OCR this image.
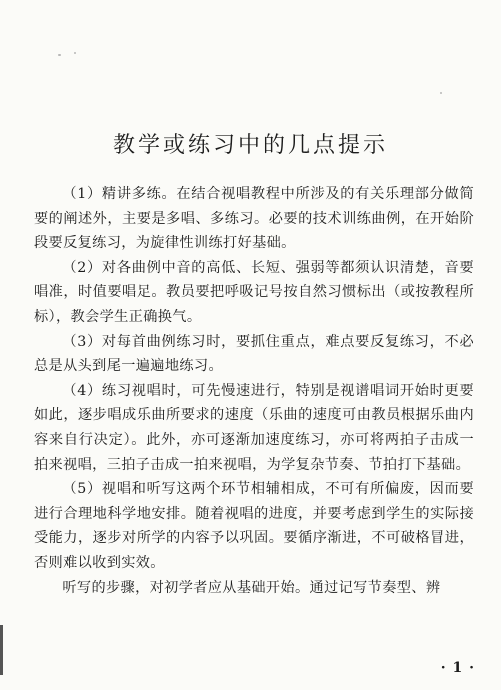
教学或练习中的几点提示

（1）精讲多练。在结合视唱教程中所涉及的有关乐理部分做简要的阐述外，主要是多唱、多练习。必要的技术训练曲例，在开始阶段要反复练习，为旋律性训练打好基础。

（2）对各曲例中音的高低、长短、强弱等都须认识清楚，音要唱准，时值要唱足。教员要把呼吸记号按自然习惯标出（或按教程所标），教会学生正确换气。

（3）对每首曲例练习时，要抓住重点，难点要反复练习，不必总是从头到尾一遍遍地练习。

（4）练习视唱时，可先慢速进行，特别是视谱唱词开始时更要如此，逐步唱成乐曲所要求的速度（乐曲的速度可由教员根据乐曲内容来自行决定）。此外，亦可逐渐加速度练习，亦可将两拍子击成一拍来视唱，三拍子击成一拍来视唱，为学复杂节奏、节拍打下基础。

（5）视唱和听写这两个环节相辅相成，不可有所偏废，因而要进行合理地科学地安排。随着视唱的进度，并要考虑到学生的实际接受能力，逐步对所学的内容予以巩固。要循序渐进，不可破格冒进，否则难以收到实效。

听写的步骤，对初学者应从基础开始。通过记写节奏型、辨

· 1 ·
